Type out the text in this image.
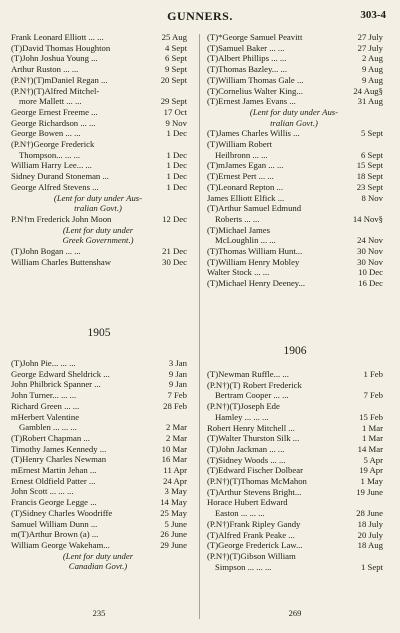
GUNNERS.	303-4
Frank Leonard Elliott ... ...	25 Aug
(T)David Thomas Houghton	4 Sept
(T)John Joshua Young ...	6 Sept
Arthur Ruston ... ...	9 Sept
(P.N†)(T)mDaniel Regan ...	20 Sept
(P.N†)(T)Alfred Mitchel-
more Mallett ... ...	29 Sept
George Ernest Freeme ...	17 Oct
George Richardson ... ...	9 Nov
George Bowen ... ...	1 Dec
(P.N†)George Frederick
Thompson... ... ...	1 Dec
William Harry Lee... ...	1 Dec
Sidney Durand Stoneman ...	1 Dec
George Alfred Stevens ...	1 Dec
(Lent for duty under Aus-
tralian Govt.)
P.N†m Frederick John Moon	12 Dec
(Lent for duty under
Greek Government.)
(T)John Bogan ... ...	21 Dec
William Charles Buttenshaw	30 Dec
(T)*George Samuel Peavitt	27 July
(T)Samuel Baker ... ...	27 July
(T)Albert Phillips ... ...	2 Aug
(T)Thomas Bazley... ...	9 Aug
(T)William Thomas Gale ...	9 Aug
(T)Cornelius Walter King...	24 Aug§
(T)Ernest James Evans ...	31 Aug
(Lent for duty under Aus-
tralian Govt.)
(T)James Charles Willis ...	5 Sept
(T)William Robert
Heilbronn ... ...	6 Sept
(T)mJames Egan ... ...	15 Sept
(T)Ernest Pert ... ...	18 Sept
(T)Leonard Repton ...	23 Sept
James Elliott Elfick ...	8 Nov
(T)Arthur Samuel Edmund
Roberts ... ...	14 Nov§
(T)Michael James
McLoughlin ... ...	24 Nov
(T)Thomas William Hunt...	30 Nov
(T)William Henry Mobley	30 Nov
Walter Stock ... ...	10 Dec
(T)Michael Henry Deeney...	16 Dec
1905
1906
(T)John Pie... ... ...	3 Jan
George Edward Sheldrick ...	9 Jan
John Philbrick Spanner ...	9 Jan
John Turner... ... ...	7 Feb
Richard Green ... ...	28 Feb
mHerbert Valentine
Gamblen ... ... ...	2 Mar
(T)Robert Chapman ...	2 Mar
Timothy James Kennedy ...	10 Mar
(T)Henry Charles Newman	16 Mar
mErnest Martin Jehan ...	11 Apr
Ernest Oldfield Patter ...	24 Apr
John Scott ... ... ...	3 May
Francis George Legge ...	14 May
(T)Sidney Charles Woodriffe	25 May
Samuel William Dunn ...	5 June
m(T)Arthur Brown (a) ...	26 June
William George Wakeham...	29 June
(Lent for duty under
Canadian Govt.)
(T)Newman Ruffle... ...	1 Feb
(P.N†)(T) Robert Frederick
Bertram Cooper ... ...	7 Feb
(P.N†)(T)Joseph Ede
Hamley ... ... ...	15 Feb
Robert Henry Mitchell ...	1 Mar
(T)Walter Thurston Silk ...	1 Mar
(T)John Jackman ... ...	14 Mar
(T)Sidney Woods ... ...	5 Apr
(T)Edward Fischer Dolbear	19 Apr
(P.N†)(T)Thomas McMahon	1 May
(T)Arthur Stevens Bright...	19 June
Horace Hubert Edward
Easton ... ... ...	28 June
(P.N†)Frank Ripley Gandy	18 July
(T)Alfred Frank Peake ...	20 July
(T)George Frederick Law...	18 Aug
(P.N†)(T)Gibson William
Simpson ... ... ...	1 Sept
235	269
